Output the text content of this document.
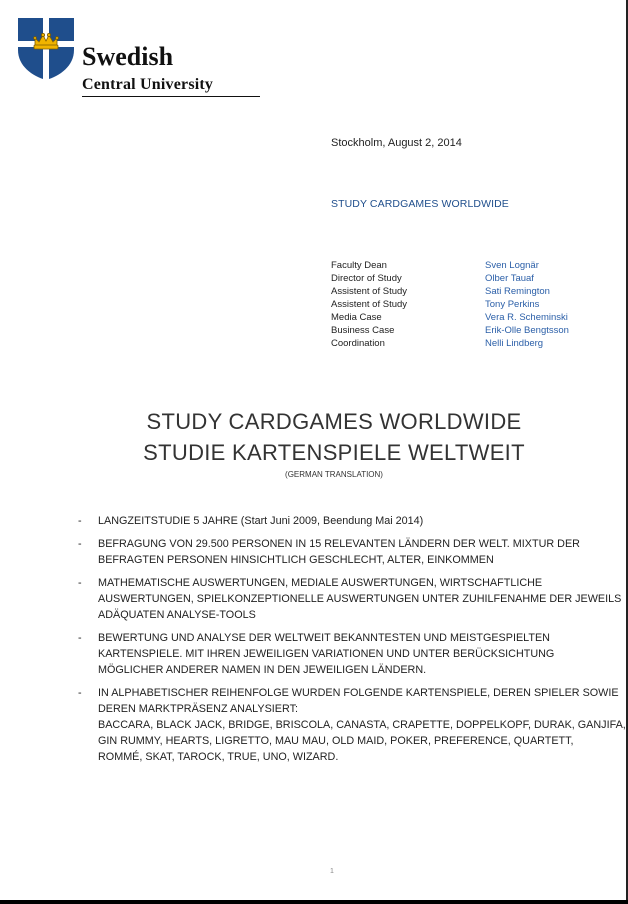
Swedish
Central University
Stockholm, August 2, 2014
STUDY CARDGAMES WORLDWIDE
Faculty Dean	Sven Lognär
Director of Study	Olber Tauaf
Assistent of Study	Sati Remington
Assistent of Study	Tony Perkins
Media Case	Vera R. Scheminski
Business Case	Erik-Olle Bengtsson
Coordination	Nelli Lindberg
STUDY CARDGAMES WORLDWIDE
STUDIE KARTENSPIELE WELTWEIT
(GERMAN TRANSLATION)
- LANGZEITSTUDIE 5 JAHRE (Start Juni 2009, Beendung Mai 2014)
- BEFRAGUNG VON 29.500 PERSONEN IN 15 RELEVANTEN LÄNDERN DER WELT. MIXTUR DER
BEFRAGTEN PERSONEN HINSICHTLICH GESCHLECHT, ALTER, EINKOMMEN
- MATHEMATISCHE AUSWERTUNGEN, MEDIALE AUSWERTUNGEN, WIRTSCHAFTLICHE
AUSWERTUNGEN, SPIELKONZEPTIONELLE AUSWERTUNGEN UNTER ZUHILFENAHME DER JEWEILS
ADÄQUATEN ANALYSE-TOOLS
- BEWERTUNG UND ANALYSE DER WELTWEIT BEKANNTESTEN UND MEISTGESPIELTEN
KARTENSPIELE. MIT IHREN JEWEILIGEN VARIATIONEN UND UNTER BERÜCKSICHTUNG
MÖGLICHER ANDERER NAMEN IN DEN JEWEILIGEN LÄNDERN.
- IN ALPHABETISCHER REIHENFOLGE WURDEN FOLGENDE KARTENSPIELE, DEREN SPIELER SOWIE
DEREN MARKTPRÄSENZ ANALYSIERT:
BACCARA, BLACK JACK, BRIDGE, BRISCOLA, CANASTA, CRAPETTE, DOPPELKOPF, DURAK, GANJIFA,
GIN RUMMY, HEARTS, LIGRETTO, MAU MAU, OLD MAID, POKER, PREFERENCE, QUARTETT,
ROMMÉ, SKAT, TAROCK, TRUE, UNO, WIZARD.
1
